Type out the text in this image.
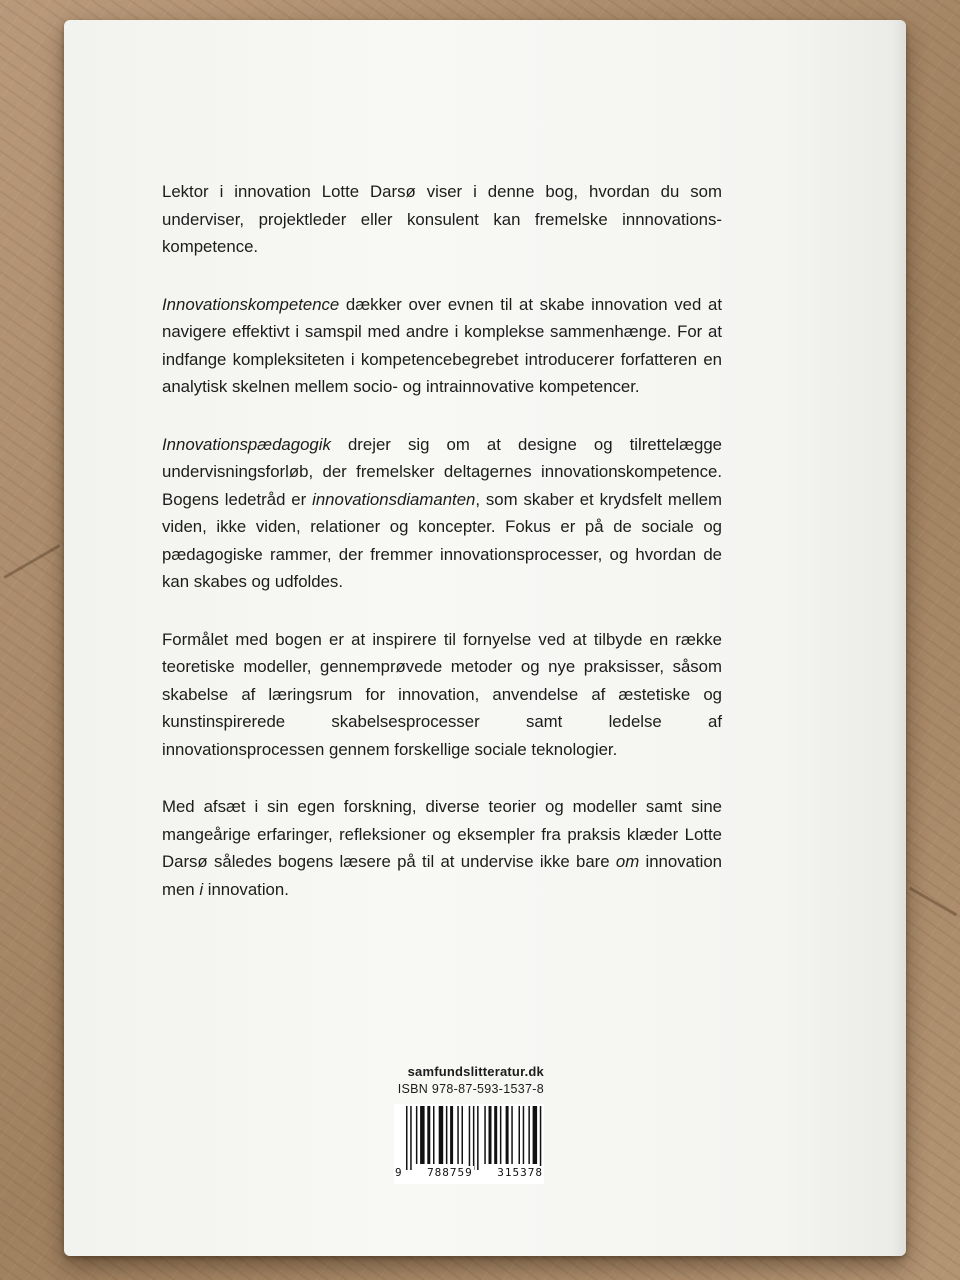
Lektor i innovation Lotte Darsø viser i denne bog, hvordan du som underviser, projektleder eller konsulent kan fremelske innnovationskompetence.

Innovationskompetence dækker over evnen til at skabe innovation ved at navigere effektivt i samspil med andre i komplekse sammenhænge. For at indfange kompleksiteten i kompetencebegrebet introducerer forfatteren en analytisk skelnen mellem socio- og intrainnovative kompetencer.

Innovationspædagogik drejer sig om at designe og tilrettelægge undervisningsforløb, der fremelsker deltagernes innovationskompetence. Bogens ledetråd er innovationsdiamanten, som skaber et krydsfelt mellem viden, ikke viden, relationer og koncepter. Fokus er på de sociale og pædagogiske rammer, der fremmer innovationsprocesser, og hvordan de kan skabes og udfoldes.

Formålet med bogen er at inspirere til fornyelse ved at tilbyde en række teoretiske modeller, gennemprøvede metoder og nye praksisser, såsom skabelse af læringsrum for innovation, anvendelse af æstetiske og kunstinspirerede skabelsesprocesser samt ledelse af innovationsprocessen gennem forskellige sociale teknologier.

Med afsæt i sin egen forskning, diverse teorier og modeller samt sine mangeårige erfaringer, refleksioner og eksempler fra praksis klæder Lotte Darsø således bogens læsere på til at undervise ikke bare om innovation men i innovation.

samfundslitteratur.dk
ISBN 978-87-593-1537-8
9 788759 315378
